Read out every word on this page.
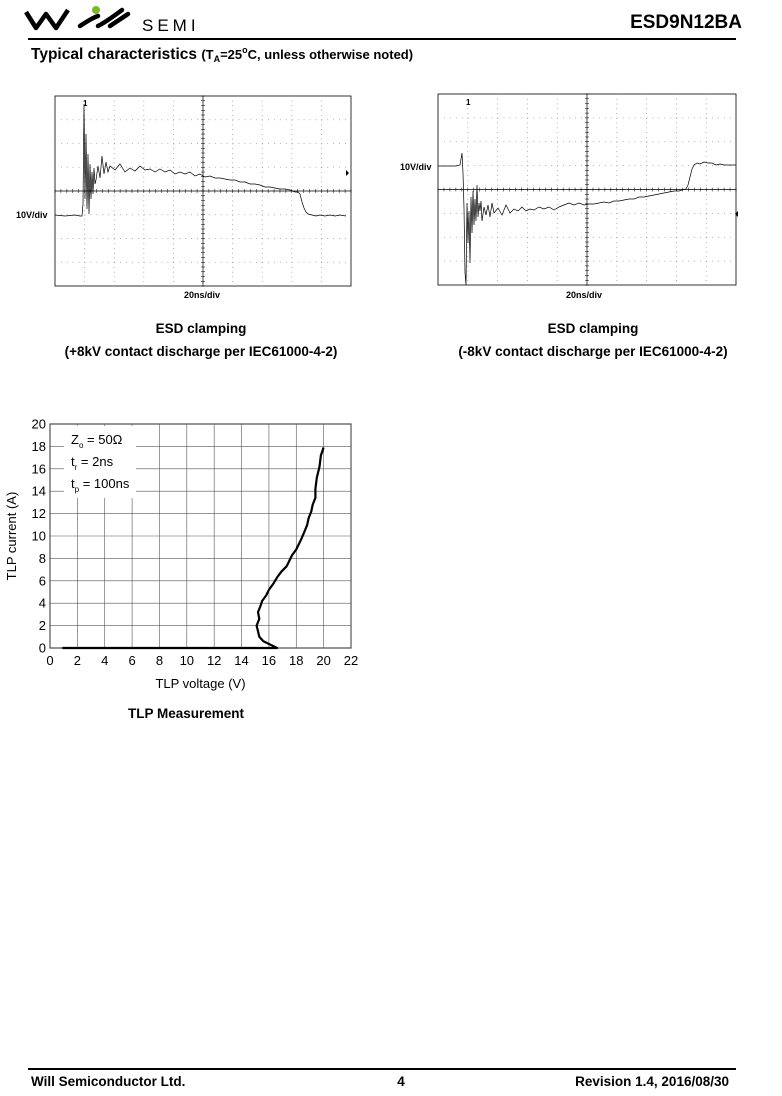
SEMI	ESD9N12BA
Typical characteristics ($T_A=25^oC$, unless otherwise noted)
1
10V/div
20ns/div
ESD clamping
(+8kV contact discharge per IEC61000-4-2)
1
10V/div
20ns/div
ESD clamping
(-8kV contact discharge per IEC61000-4-2)
0 2 4 6 8 10 12 14 16 18 20 22
0
2
4
6
8
10
12
14
16
18
20
$Z_o = 50\Omega$
$t_r = 2ns$
$t_p = 100ns$
TLP voltage (V)
TLP current (A)
TLP Measurement
Will Semiconductor Ltd.	4	Revision 1.4, 2016/08/30
